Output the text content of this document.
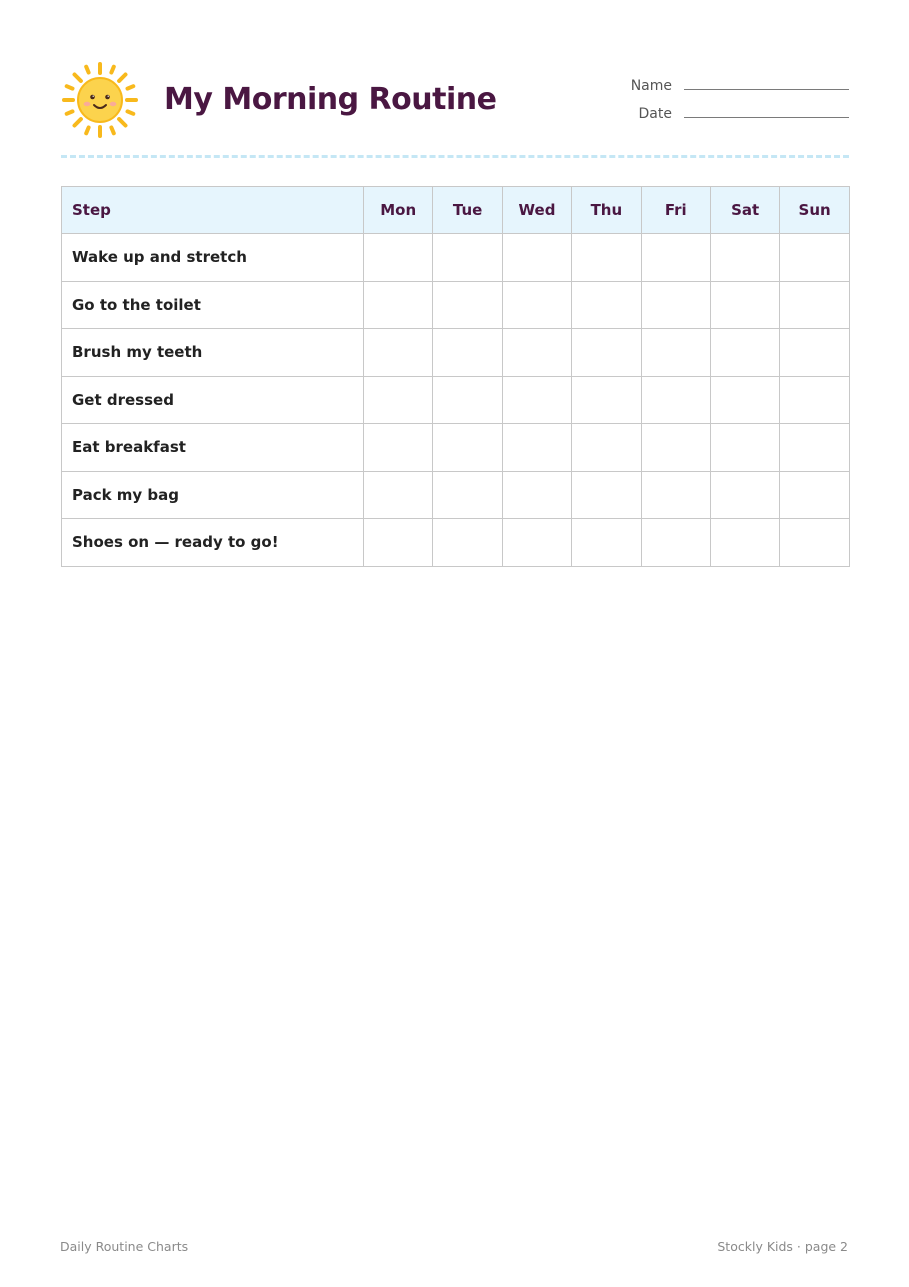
My Morning Routine	Name
Date
Step	Mon	Tue	Wed	Thu	Fri	Sat	Sun
Wake up and stretch							
Go to the toilet							
Brush my teeth							
Get dressed							
Eat breakfast							
Pack my bag							
Shoes on — ready to go!							
Daily Routine Charts	Stockly Kids · page 2
